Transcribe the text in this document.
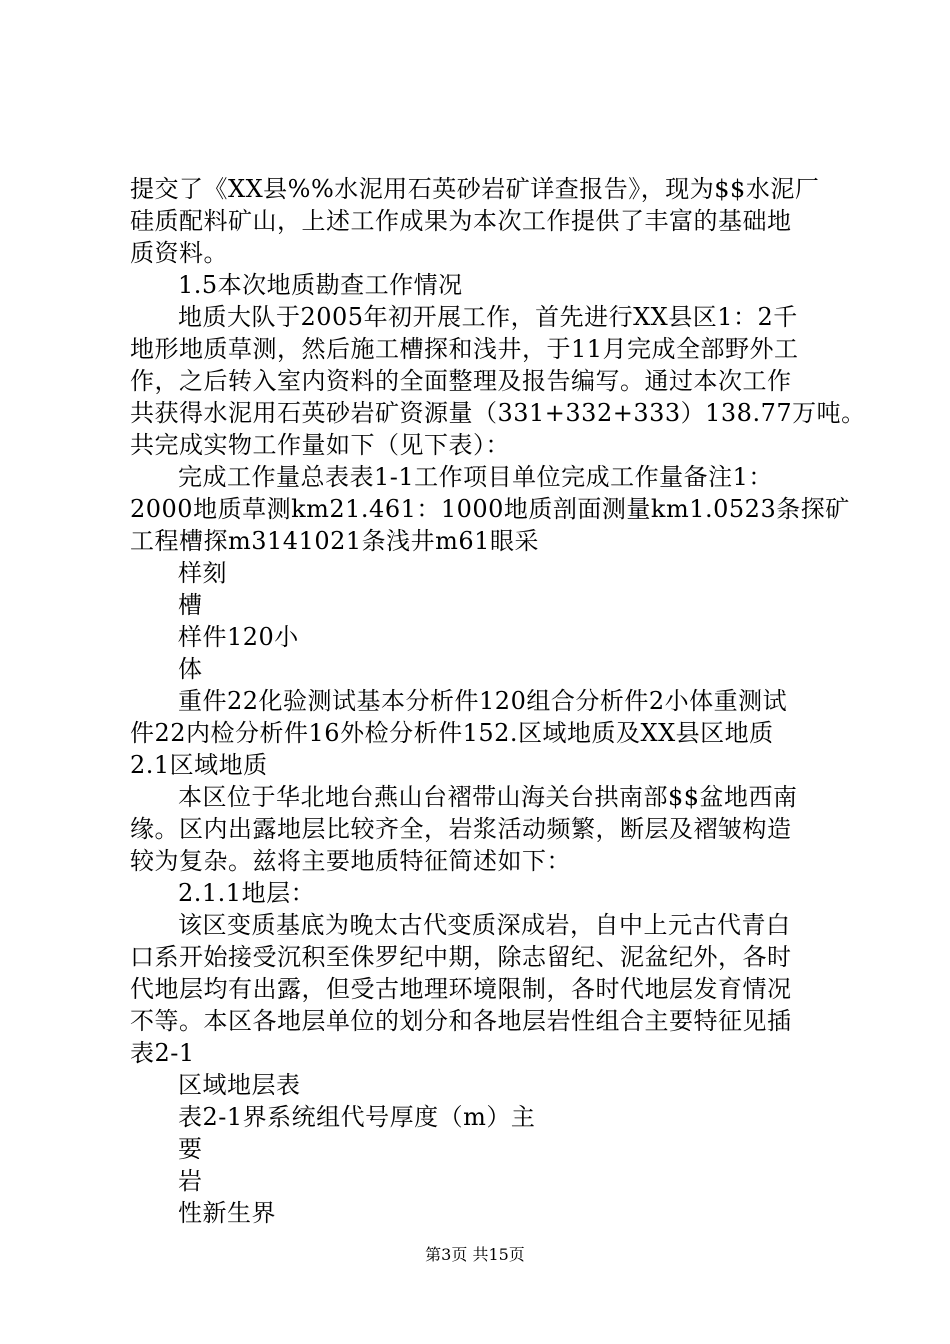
提交了《XX县%%水泥用石英砂岩矿详查报告》，现为$$水泥厂
硅质配料矿山，上述工作成果为本次工作提供了丰富的基础地
质资料。
1.5本次地质勘查工作情况
地质大队于2005年初开展工作，首先进行XX县区1：2千
地形地质草测，然后施工槽探和浅井，于11月完成全部野外工
作，之后转入室内资料的全面整理及报告编写。通过本次工作
共获得水泥用石英砂岩矿资源量（331+332+333）138.77万吨。
共完成实物工作量如下（见下表）：
完成工作量总表表1-1工作项目单位完成工作量备注1：
2000地质草测km21.461：1000地质剖面测量km1.0523条探矿
工程槽探m3141021条浅井m61眼采
样刻
槽
样件120小
体
重件22化验测试基本分析件120组合分析件2小体重测试
件22内检分析件16外检分析件152.区域地质及XX县区地质
2.1区域地质
本区位于华北地台燕山台褶带山海关台拱南部$$盆地西南
缘。区内出露地层比较齐全，岩浆活动频繁，断层及褶皱构造
较为复杂。兹将主要地质特征简述如下：
2.1.1地层：
该区变质基底为晚太古代变质深成岩，自中上元古代青白
口系开始接受沉积至侏罗纪中期，除志留纪、泥盆纪外，各时
代地层均有出露，但受古地理环境限制，各时代地层发育情况
不等。本区各地层单位的划分和各地层岩性组合主要特征见插
表2-1
区域地层表
表2-1界系统组代号厚度（m）主
要
岩
性新生界
第3页 共15页
